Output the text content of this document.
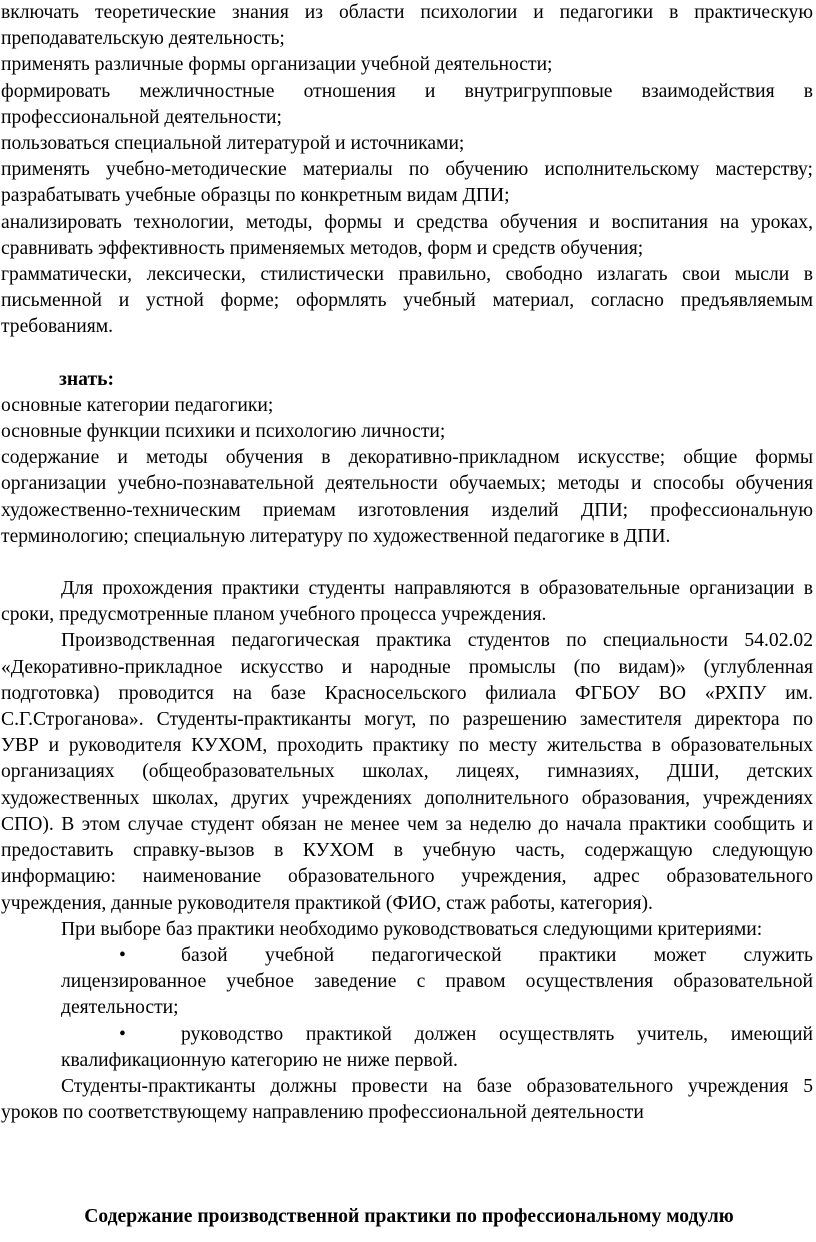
включать теоретические знания из области психологии и педагогики в практическую
преподавательскую деятельность;
применять различные формы организации учебной деятельности;
формировать межличностные отношения и внутригрупповые взаимодействия в
профессиональной деятельности;
пользоваться специальной литературой и источниками;
применять учебно-методические материалы по обучению исполнительскому мастерству;
разрабатывать учебные образцы по конкретным видам ДПИ;
анализировать технологии, методы, формы и средства обучения и воспитания на уроках,
сравнивать эффективность применяемых методов, форм и средств обучения;
грамматически, лексически, стилистически правильно, свободно излагать свои мысли в
письменной и устной форме; оформлять учебный материал, согласно предъявляемым
требованиям.
знать:
основные категории педагогики;
основные функции психики и психологию личности;
содержание и методы обучения в декоративно-прикладном искусстве; общие формы
организации учебно-познавательной деятельности обучаемых; методы и способы обучения
художественно-техническим приемам изготовления изделий ДПИ; профессиональную
терминологию; специальную литературу по художественной педагогике в ДПИ.
Для прохождения практики студенты направляются в образовательные организации в
сроки, предусмотренные планом учебного процесса учреждения.
Производственная педагогическая практика студентов по специальности 54.02.02
«Декоративно-прикладное искусство и народные промыслы (по видам)» (углубленная
подготовка) проводится на базе Красносельского филиала ФГБОУ ВО «РХПУ им.
С.Г.Строганова». Студенты-практиканты могут, по разрешению заместителя директора по
УВР и руководителя КУХОМ, проходить практику по месту жительства в образовательных
организациях (общеобразовательных школах, лицеях, гимназиях, ДШИ, детских
художественных школах, других учреждениях дополнительного образования, учреждениях
СПО). В этом случае студент обязан не менее чем за неделю до начала практики сообщить и
предоставить справку-вызов в КУХОМ в учебную часть, содержащую следующую
информацию: наименование образовательного учреждения, адрес образовательного
учреждения, данные руководителя практикой (ФИО, стаж работы, категория).
При выборе баз практики необходимо руководствоваться следующими критериями:
•	базой учебной педагогической практики может служить
лицензированное учебное заведение с правом осуществления образовательной
деятельности;
•	руководство практикой должен осуществлять учитель, имеющий
квалификационную категорию не ниже первой.
Студенты-практиканты должны провести на базе образовательного учреждения 5
уроков по соответствующему направлению профессиональной деятельности
Содержание производственной практики по профессиональному модулю
